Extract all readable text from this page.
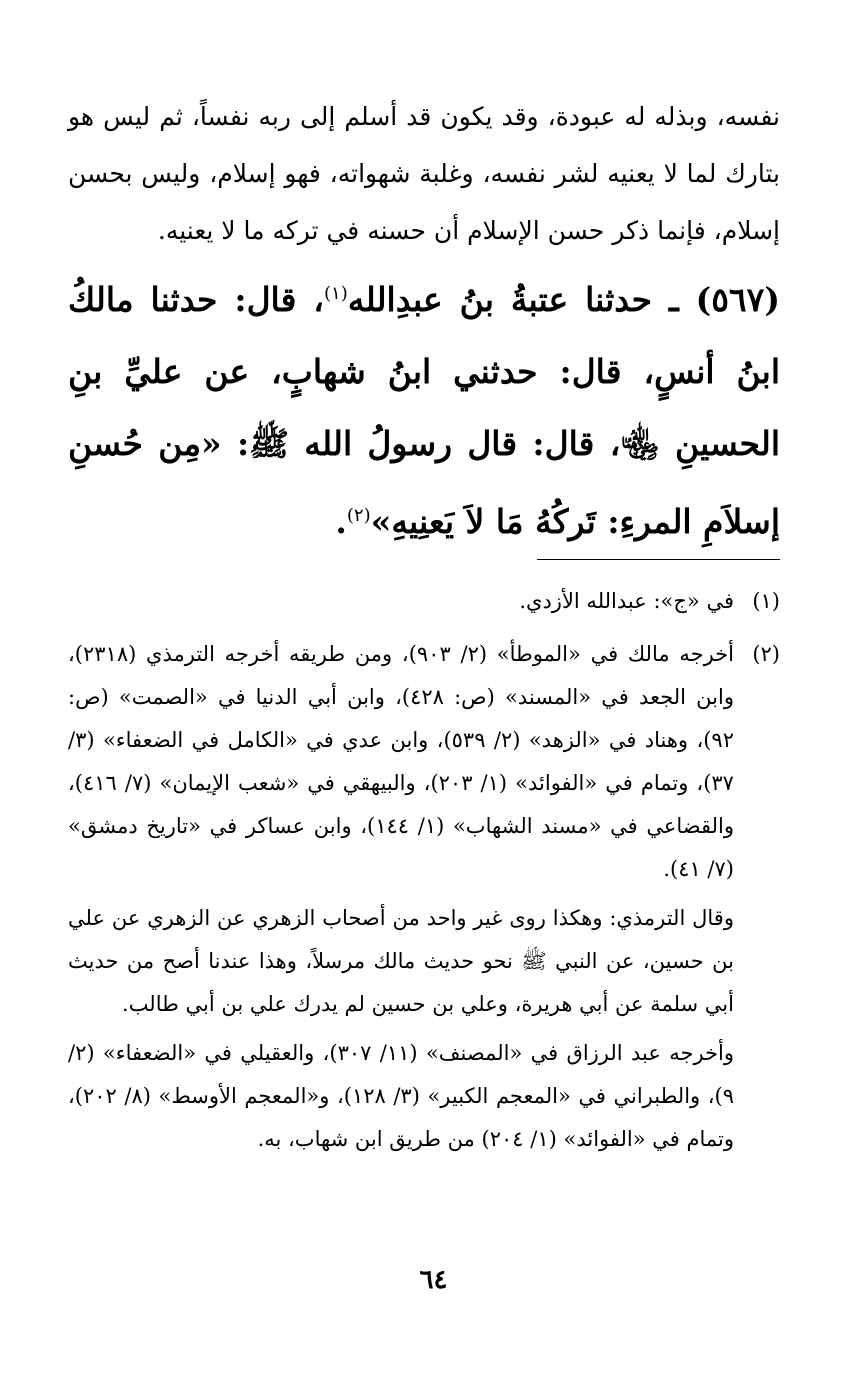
نفسه، وبذله له عبودة، وقد يكون قد أسلم إلى ربه نفساً، ثم ليس هو بتارك لما لا يعنيه لشر نفسه، وغلبة شهواته، فهو إسلام، وليس بحسن إسلام، فإنما ذكر حسن الإسلام أن حسنه في تركه ما لا يعنيه.

(٥٦٧) ـ حدثنا عتبةُ بنُ عبدِالله$^{(١)}$، قال: حدثنا مالكُ ابنُ أنسٍ، قال: حدثني ابنُ شهابٍ، عن عليِّ بنِ الحسينِ ﵄، قال: قال رسولُ الله ﷺ: «مِن حُسنِ إسلاَمِ المرءِ: تَركُهُ مَا لاَ يَعنِيهِ»$^{(٢)}$.

(١)

في «ج»: عبدالله الأزدي.

(٢)

أخرجه مالك في «الموطأ» (٢/ ٩٠٣)، ومن طريقه أخرجه الترمذي (٢٣١٨)، وابن الجعد في «المسند» (ص: ٤٢٨)، وابن أبي الدنيا في «الصمت» (ص: ٩٢)، وهناد في «الزهد» (٢/ ٥٣٩)، وابن عدي في «الكامل في الضعفاء» (٣/ ٣٧)، وتمام في «الفوائد» (١/ ٢٠٣)، والبيهقي في «شعب الإيمان» (٧/ ٤١٦)، والقضاعي في «مسند الشهاب» (١/ ١٤٤)، وابن عساكر في «تاريخ دمشق» (٧/ ٤١).

وقال الترمذي: وهكذا روى غير واحد من أصحاب الزهري عن الزهري عن علي بن حسين، عن النبي ﷺ نحو حديث مالك مرسلاً، وهذا عندنا أصح من حديث أبي سلمة عن أبي هريرة، وعلي بن حسين لم يدرك علي بن أبي طالب.

وأخرجه عبد الرزاق في «المصنف» (١١/ ٣٠٧)، والعقيلي في «الضعفاء» (٢/ ٩)، والطبراني في «المعجم الكبير» (٣/ ١٢٨)، و«المعجم الأوسط» (٨/ ٢٠٢)، وتمام في «الفوائد» (١/ ٢٠٤) من طريق ابن شهاب، به.

٦٤
